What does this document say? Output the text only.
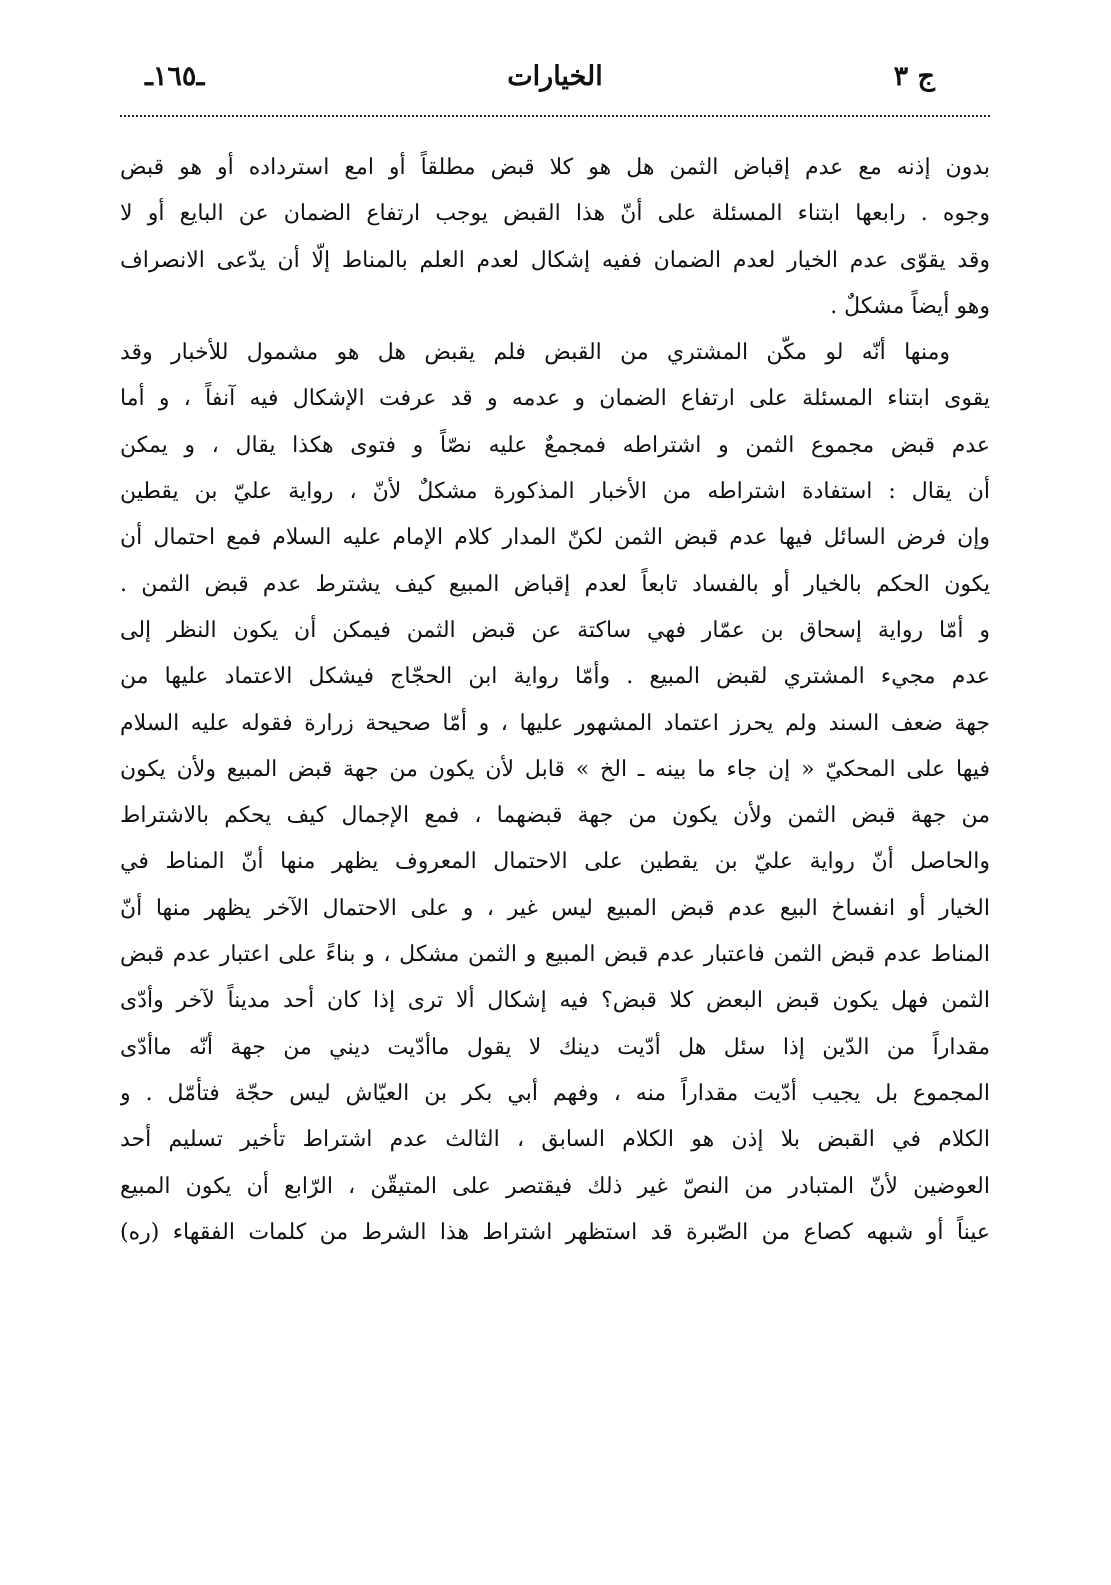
ج ٣
الخيارات
ـ١٦٥ـ
بدون إذنه مع عدم إقباض الثمن هل هو كلا قبض مطلقاً أو امع استرداده أو هو قبض
وجوه . رابعها ابتناء المسئلة على أنّ هذا القبض يوجب ارتفاع الضمان عن البايع أو لا
وقد يقوّى عدم الخيار لعدم الضمان ففيه إشكال لعدم العلم بالمناط إلّا أن يدّعى الانصراف
وهو أيضاً مشكلٌ .
ومنها أنّه لو مكّن المشتري من القبض فلم يقبض هل هو مشمول للأخبار وقد
يقوى ابتناء المسئلة على ارتفاع الضمان و عدمه و قد عرفت الإشكال فيه آنفاً ، و أما
عدم قبض مجموع الثمن و اشتراطه فمجمعٌ عليه نصّاً و فتوى هكذا يقال ، و يمكن
أن يقال : استفادة اشتراطه من الأخبار المذكورة مشكلٌ لأنّ ، رواية عليّ بن يقطين
وإن فرض السائل فيها عدم قبض الثمن لكنّ المدار كلام الإمام عليه السلام فمع احتمال أن
يكون الحكم بالخيار أو بالفساد تابعاً لعدم إقباض المبيع كيف يشترط عدم قبض الثمن .
و أمّا رواية إسحاق بن عمّار فهي ساكتة عن قبض الثمن فيمكن أن يكون النظر إلى
عدم مجيء المشتري لقبض المبيع . وأمّا رواية ابن الحجّاج فيشكل الاعتماد عليها من
جهة ضعف السند ولم يحرز اعتماد المشهور عليها ، و أمّا صحيحة زرارة فقوله عليه السلام
فيها على المحكيّ « إن جاء ما بينه ـ الخ » قابل لأن يكون من جهة قبض المبيع ولأن يكون
من جهة قبض الثمن ولأن يكون من جهة قبضهما ، فمع الإجمال كيف يحكم بالاشتراط
والحاصل أنّ رواية عليّ بن يقطين على الاحتمال المعروف يظهر منها أنّ المناط في
الخيار أو انفساخ البيع عدم قبض المبيع ليس غير ، و على الاحتمال الآخر يظهر منها أنّ
المناط عدم قبض الثمن فاعتبار عدم قبض المبيع و الثمن مشكل ، و بناءً على اعتبار عدم قبض
الثمن فهل يكون قبض البعض كلا قبض؟ فيه إشكال ألا ترى إذا كان أحد مديناً لآخر وأدّى
مقداراً من الدّين إذا سئل هل أدّيت دينك لا يقول ماأدّيت ديني من جهة أنّه ماأدّى
المجموع بل يجيب أدّيت مقداراً منه ، وفهم أبي بكر بن العيّاش ليس حجّة فتأمّل . و
الكلام في القبض بلا إذن هو الكلام السابق ، الثالث عدم اشتراط تأخير تسليم أحد
العوضين لأنّ المتبادر من النصّ غير ذلك فيقتصر على المتيقّن ، الرّابع أن يكون المبيع
عيناً أو شبهه كصاع من الصّبرة قد استظهر اشتراط هذا الشرط من كلمات الفقهاء (ره)
